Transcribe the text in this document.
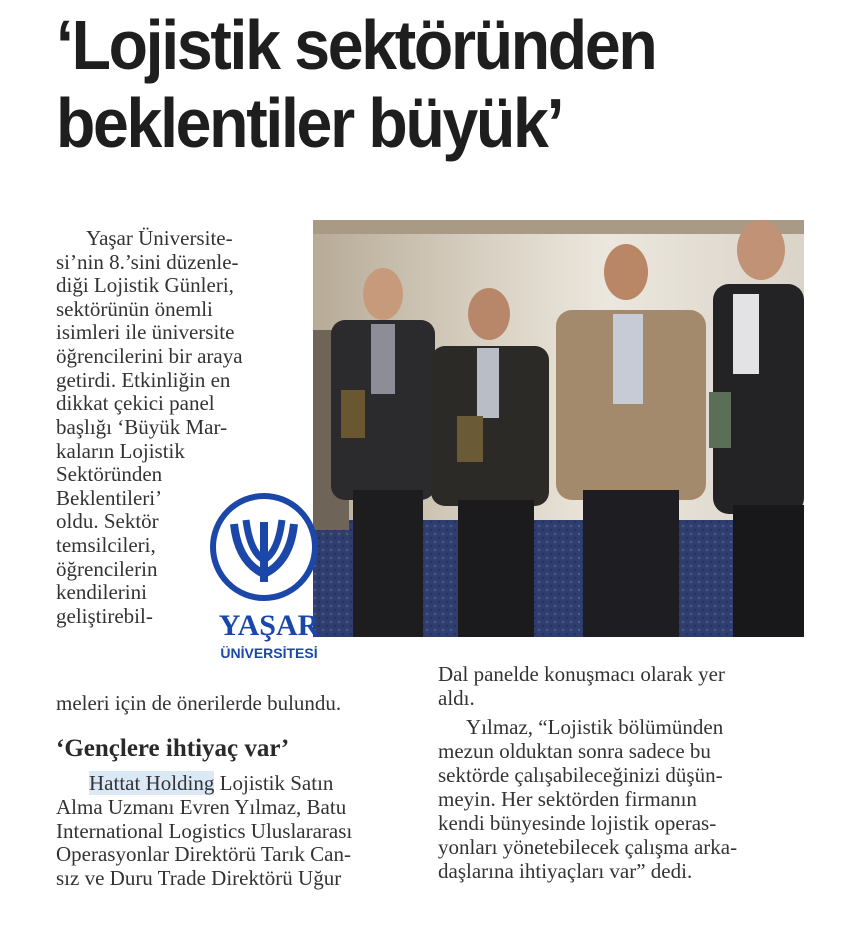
‘Lojistik sektöründen
beklentiler büyük’
Yaşar Üniversite-
si’nin 8.’sini düzenle-
diği Lojistik Günleri,
sektörünün önemli
isimleri ile üniversite
öğrencilerini bir araya
getirdi. Etkinliğin en
dikkat çekici panel
başlığı ‘Büyük Mar-
kaların Lojistik
Sektöründen
Beklentileri’
oldu. Sektör
temsilcileri,
öğrencilerin
kendilerini
geliştirebil-
meleri için de önerilerde bulundu.
YAŞAR
ÜNİVERSİTESİ
‘Gençlere ihtiyaç var’
Hattat Holding Lojistik Satın
Alma Uzmanı Evren Yılmaz, Batu
International Logistics Uluslararası
Operasyonlar Direktörü Tarık Can-
sız ve Duru Trade Direktörü Uğur
Dal panelde konuşmacı olarak yer
aldı.
Yılmaz, “Lojistik bölümünden
mezun olduktan sonra sadece bu
sektörde çalışabileceğinizi düşün-
meyin. Her sektörden firmanın
kendi bünyesinde lojistik operas-
yonları yönetebilecek çalışma arka-
daşlarına ihtiyaçları var” dedi.
